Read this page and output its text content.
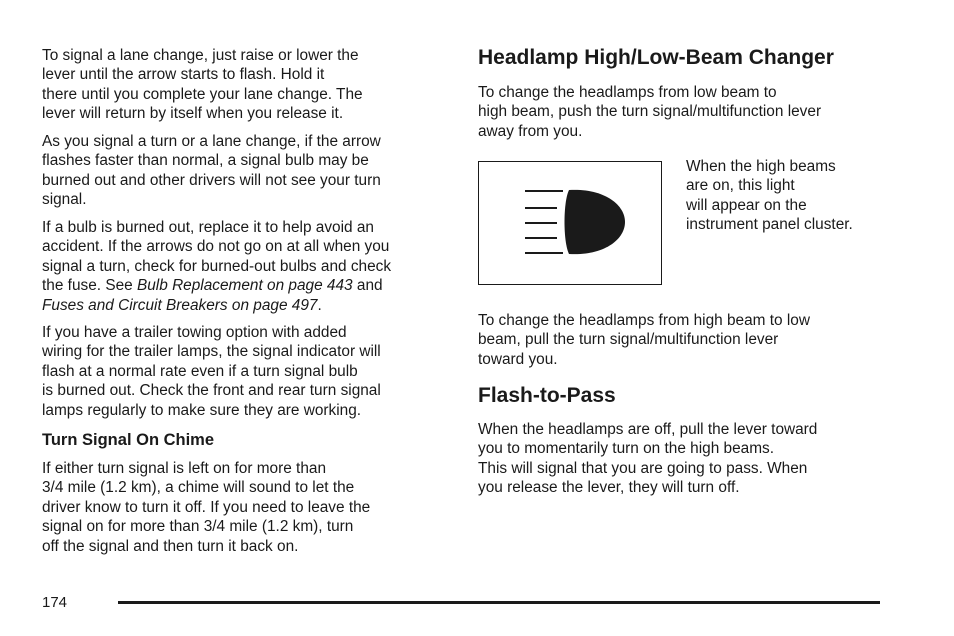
To signal a lane change, just raise or lower the
lever until the arrow starts to flash. Hold it
there until you complete your lane change. The
lever will return by itself when you release it.

As you signal a turn or a lane change, if the arrow
flashes faster than normal, a signal bulb may be
burned out and other drivers will not see your turn
signal.

If a bulb is burned out, replace it to help avoid an
accident. If the arrows do not go on at all when you
signal a turn, check for burned-out bulbs and check
the fuse. See Bulb Replacement on page 443 and
Fuses and Circuit Breakers on page 497.

If you have a trailer towing option with added
wiring for the trailer lamps, the signal indicator will
flash at a normal rate even if a turn signal bulb
is burned out. Check the front and rear turn signal
lamps regularly to make sure they are working.

Turn Signal On Chime

If either turn signal is left on for more than
3/4 mile (1.2 km), a chime will sound to let the
driver know to turn it off. If you need to leave the
signal on for more than 3/4 mile (1.2 km), turn
off the signal and then turn it back on.

Headlamp High/Low-Beam Changer

To change the headlamps from low beam to
high beam, push the turn signal/multifunction lever
away from you.

To change the headlamps from high beam to low
beam, pull the turn signal/multifunction lever
toward you.

Flash-to-Pass

When the headlamps are off, pull the lever toward
you to momentarily turn on the high beams.
This will signal that you are going to pass. When
you release the lever, they will turn off.

When the high beams
are on, this light
will appear on the
instrument panel cluster.

174
